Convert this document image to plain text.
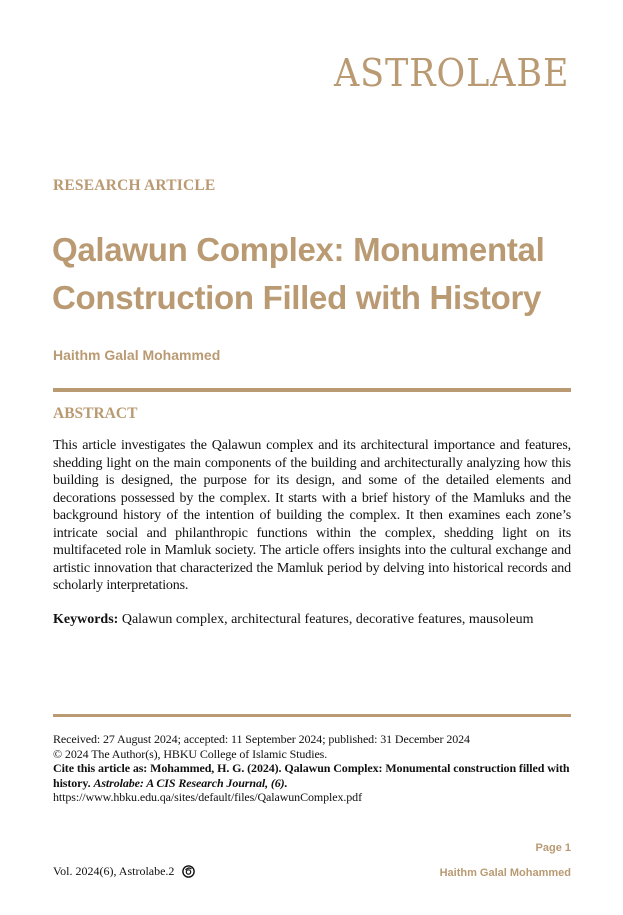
ASTROLABE
RESEARCH ARTICLE
Qalawun Complex: Monumental
Construction Filled with History
Haithm Galal Mohammed
ABSTRACT
This article investigates the Qalawun complex and its architectural importance and features, shedding light on the main components of the building and architecturally analyzing how this building is designed, the purpose for its design, and some of the detailed elements and decorations possessed by the complex. It starts with a brief history of the Mamluks and the background history of the intention of building the complex. It then examines each zone’s intricate social and philanthropic functions within the complex, shedding light on its multifaceted role in Mamluk society. The article offers insights into the cultural exchange and artistic innovation that characterized the Mamluk period by delving into historical records and scholarly interpretations.
Keywords: Qalawun complex, architectural features, decorative features, mausoleum
Received: 27 August 2024; accepted: 11 September 2024; published: 31 December 2024
© 2024 The Author(s), HBKU College of Islamic Studies.
Cite this article as: Mohammed, H. G. (2024). Qalawun Complex: Monumental construction filled with history. Astrolabe: A CIS Research Journal, (6).
https://www.hbku.edu.qa/sites/default/files/QalawunComplex.pdf
Vol. 2024(6), Astrolabe.2
Page 1
Haithm Galal Mohammed
